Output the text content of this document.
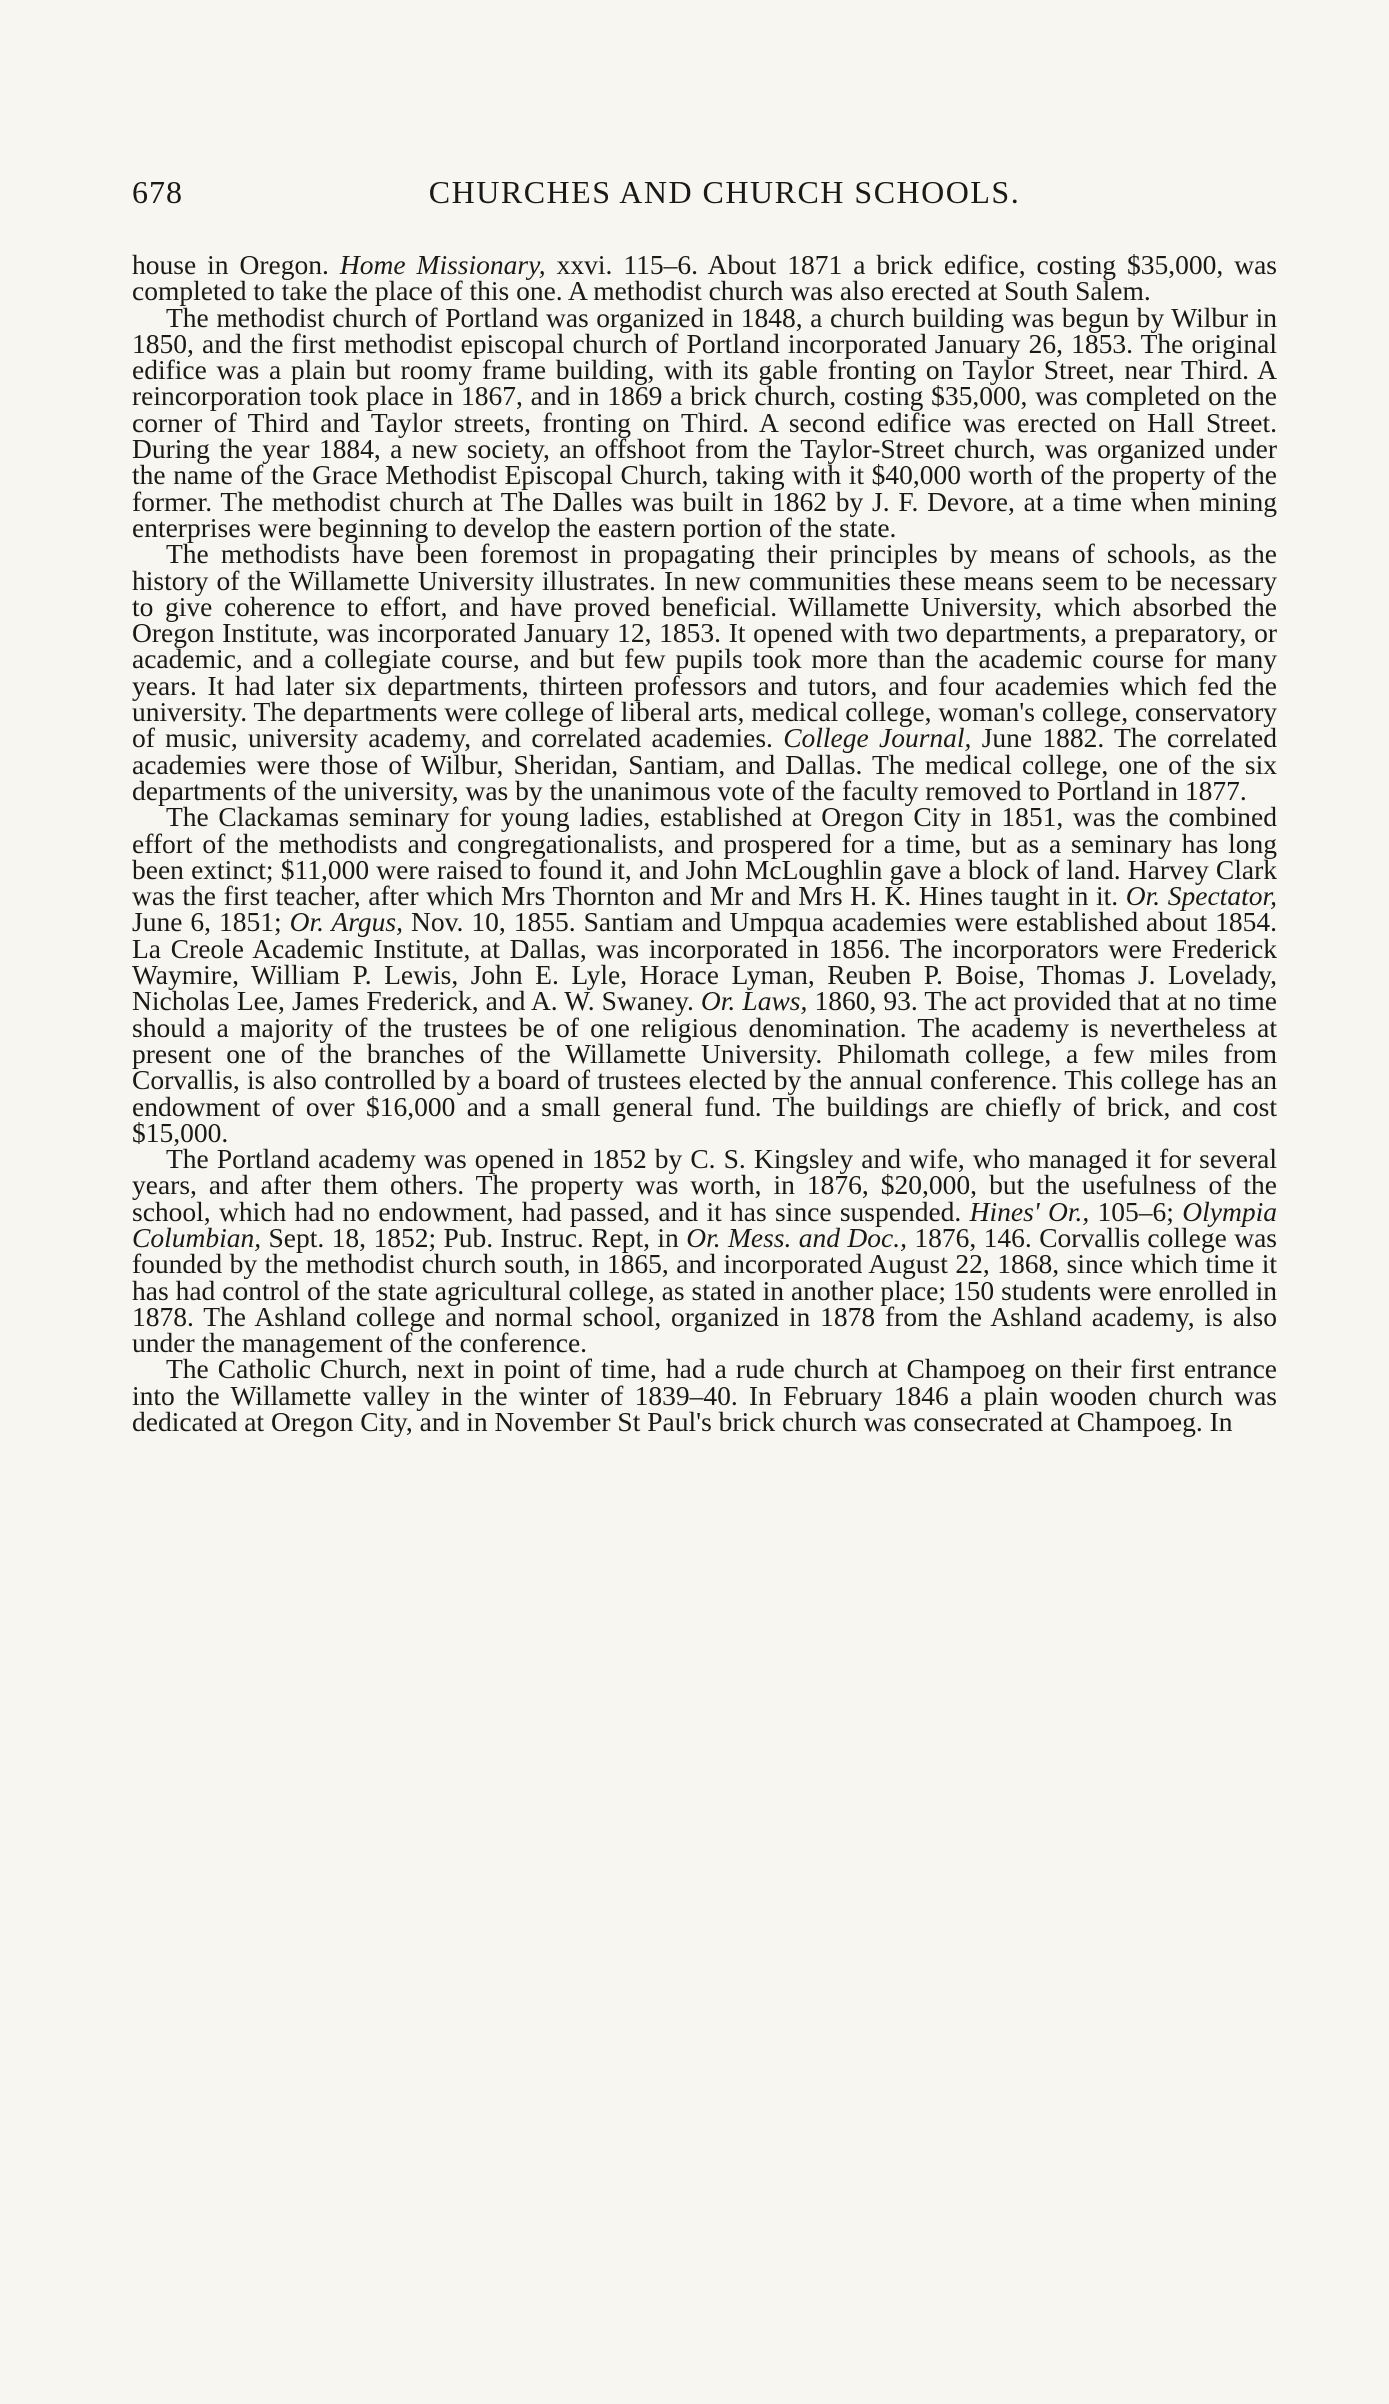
678	CHURCHES AND CHURCH SCHOOLS.

house in Oregon. Home Missionary, xxvi. 115–6. About 1871 a brick edifice, costing $35,000, was completed to take the place of this one. A methodist church was also erected at South Salem.

The methodist church of Portland was organized in 1848, a church building was begun by Wilbur in 1850, and the first methodist episcopal church of Portland incorporated January 26, 1853. The original edifice was a plain but roomy frame building, with its gable fronting on Taylor Street, near Third. A reincorporation took place in 1867, and in 1869 a brick church, costing $35,000, was completed on the corner of Third and Taylor streets, fronting on Third. A second edifice was erected on Hall Street. During the year 1884, a new society, an offshoot from the Taylor-Street church, was organized under the name of the Grace Methodist Episcopal Church, taking with it $40,000 worth of the property of the former. The methodist church at The Dalles was built in 1862 by J. F. Devore, at a time when mining enterprises were beginning to develop the eastern portion of the state.

The methodists have been foremost in propagating their principles by means of schools, as the history of the Willamette University illustrates. In new communities these means seem to be necessary to give coherence to effort, and have proved beneficial. Willamette University, which absorbed the Oregon Institute, was incorporated January 12, 1853. It opened with two departments, a preparatory, or academic, and a collegiate course, and but few pupils took more than the academic course for many years. It had later six departments, thirteen professors and tutors, and four academies which fed the university. The departments were college of liberal arts, medical college, woman's college, conservatory of music, university academy, and correlated academies. College Journal, June 1882. The correlated academies were those of Wilbur, Sheridan, Santiam, and Dallas. The medical college, one of the six departments of the university, was by the unanimous vote of the faculty removed to Portland in 1877.

The Clackamas seminary for young ladies, established at Oregon City in 1851, was the combined effort of the methodists and congregationalists, and prospered for a time, but as a seminary has long been extinct; $11,000 were raised to found it, and John McLoughlin gave a block of land. Harvey Clark was the first teacher, after which Mrs Thornton and Mr and Mrs H. K. Hines taught in it. Or. Spectator, June 6, 1851; Or. Argus, Nov. 10, 1855. Santiam and Umpqua academies were established about 1854. La Creole Academic Institute, at Dallas, was incorporated in 1856. The incorporators were Frederick Waymire, William P. Lewis, John E. Lyle, Horace Lyman, Reuben P. Boise, Thomas J. Lovelady, Nicholas Lee, James Frederick, and A. W. Swaney. Or. Laws, 1860, 93. The act provided that at no time should a majority of the trustees be of one religious denomination. The academy is nevertheless at present one of the branches of the Willamette University. Philomath college, a few miles from Corvallis, is also controlled by a board of trustees elected by the annual conference. This college has an endowment of over $16,000 and a small general fund. The buildings are chiefly of brick, and cost $15,000.

The Portland academy was opened in 1852 by C. S. Kingsley and wife, who managed it for several years, and after them others. The property was worth, in 1876, $20,000, but the usefulness of the school, which had no endowment, had passed, and it has since suspended. Hines' Or., 105–6; Olympia Columbian, Sept. 18, 1852; Pub. Instruc. Rept, in Or. Mess. and Doc., 1876, 146. Corvallis college was founded by the methodist church south, in 1865, and incorporated August 22, 1868, since which time it has had control of the state agricultural college, as stated in another place; 150 students were enrolled in 1878. The Ashland college and normal school, organized in 1878 from the Ashland academy, is also under the management of the conference.

The Catholic Church, next in point of time, had a rude church at Champoeg on their first entrance into the Willamette valley in the winter of 1839–40. In February 1846 a plain wooden church was dedicated at Oregon City, and in November St Paul's brick church was consecrated at Champoeg. In
